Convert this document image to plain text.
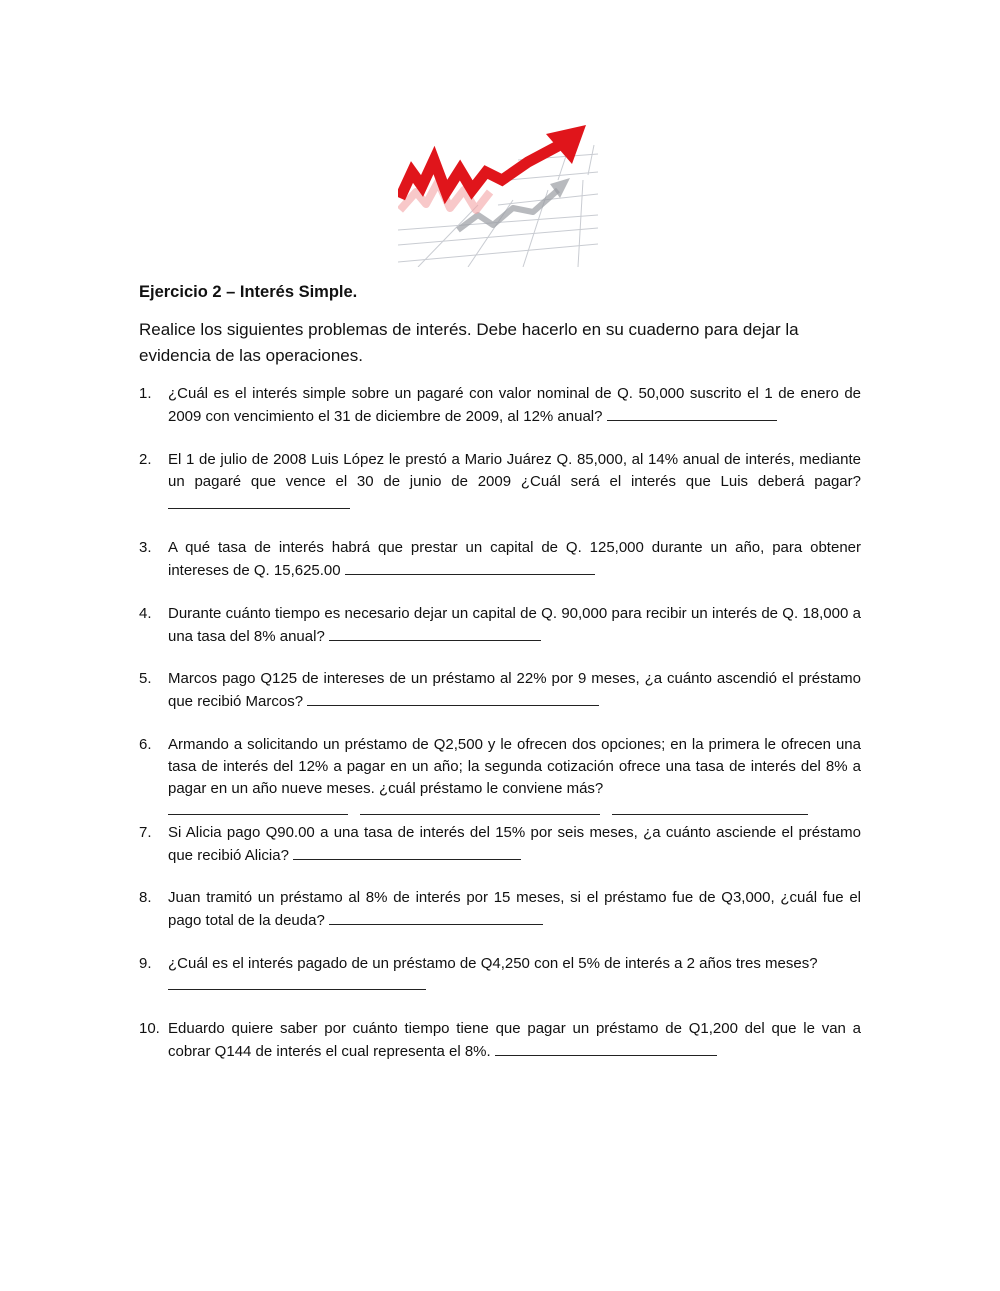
Ejercicio 2 – Interés Simple.
Realice los siguientes problemas de interés. Debe hacerlo en su cuaderno para dejar la evidencia de las operaciones.
1.	¿Cuál es el interés simple sobre un pagaré con valor nominal de Q. 50,000 suscrito el 1 de enero de 2009 con vencimiento el 31 de diciembre de 2009, al 12% anual?
2.	El 1 de julio de 2008 Luis López le prestó a Mario Juárez Q. 85,000, al 14% anual de interés, mediante un pagaré que vence el 30 de junio de 2009 ¿Cuál será el interés que Luis deberá pagar?
3.	A qué tasa de interés habrá que prestar un capital de Q. 125,000 durante un año, para obtener intereses de Q. 15,625.00
4.	Durante cuánto tiempo es necesario dejar un capital de Q. 90,000 para recibir un interés de Q. 18,000 a una tasa del 8% anual?
5.	Marcos pago Q125 de intereses de un préstamo al 22% por 9 meses, ¿a cuánto ascendió el préstamo que recibió Marcos?
6.	Armando a solicitando un préstamo de Q2,500 y le ofrecen dos opciones; en la primera le ofrecen una tasa de interés del 12% a pagar en un año; la segunda cotización ofrece una tasa de interés del 8% a pagar en un año nueve meses. ¿cuál préstamo le conviene más?
7.	Si Alicia pago Q90.00 a una tasa de interés del 15% por seis meses, ¿a cuánto asciende el préstamo que recibió Alicia?
8.	Juan tramitó un préstamo al 8% de interés por 15 meses, si el préstamo fue de Q3,000, ¿cuál fue el pago total de la deuda?
9.	¿Cuál es el interés pagado de un préstamo de Q4,250 con el 5% de interés a 2 años tres meses?
10. Eduardo quiere saber por cuánto tiempo tiene que pagar un préstamo de Q1,200 del que le van a cobrar Q144 de interés el cual representa el 8%.
